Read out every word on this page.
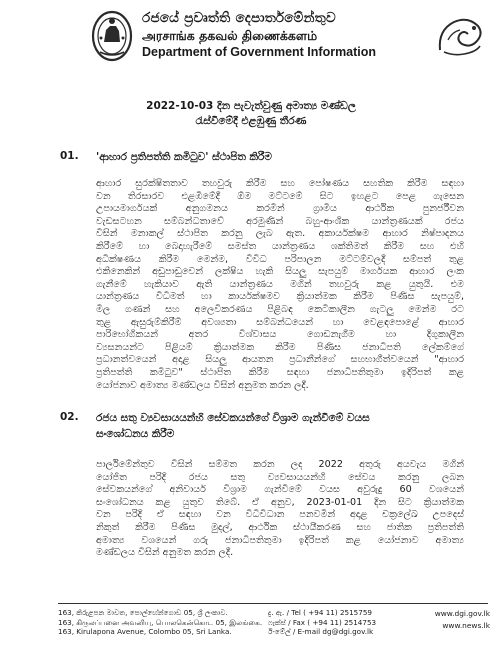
රජයේ ප්‍රවෘත්ති දෙපාර්තමේන්තුව
அரசாங்க தகவல் திணைக்களம்
Department of Government Information
2022-10-03 දින පැවැත්වුණු අමාත්‍ය මණ්ඩල
රැස්වීමේදී එළඹුණු තීරණ
01. 'ආහාර ප්‍රතිපත්ති කමිටුව' ස්ථාපිත කිරීම
ආහාර සුරක්ෂිතතාව තහවුරු කිරීම සහ පෝෂණය සහතික කිරීම සඳහා
වන තිරසාරව එළඹීමේදී ඕම මට්ටමේ සිට ඉහළට පෙළ ගැසෙන
උපායමාර්ගයක් අනුගමනය කරමින් ග්‍රාමීය ආර්ථික පුනර්ජීවන
වැඩසටහන සම්බන්ධතාවේ අරමුණින් බහු-ආංශික යාන්ත්‍රණයක් රජය
විසින් මනාකල් ස්ථාපිත කරනු ලැබ ඇත. අකාර්යක්ෂම ආහාර නිෂ්පාදනය
කිරීමේ හා බෙදාහැරීමේ සමස්ත යාන්ත්‍රණය ශක්තිමත් කිරීම සහ එහි
අධීක්ෂණය කිරීම මෙන්ම, විවිධ පරිපාලන මට්ටම්වලදී සම්පත් තුළ
එකිනෙකින් අඩුපාඩුවෙන් ලක්ෂිය හැකි සියලු සැපයුම් මාර්ගයක ආහාර ලංක
ගැනීමේ හැකියාව ඇති යාන්ත්‍රණය මගින් තහවුරු කළ යුතුයි. එම
යාන්ත්‍රණය විධිමත් හා කාර්යක්ෂමව ක්‍රියාත්මක කිරීම පිණිස සැපයුම්,
මිල ගණන් සහ අලෙවිකරණය පිළිබඳ කෙටිකාලීන ගැටලු මෙන්ම රට
තුළ ඇසුරුම්කිරීම් අවශ්‍යතා සම්බන්ධයෙන් හා වෙළඳපොළේ ආහාර
පාරිභෝගිකයන් අතර විශ්වාසය ගොඩනැගීම හා දිගුකාලීන
ව්‍යසනයන්ට පිළියම් ක්‍රියාත්මක කිරීම පිණිස ජනාධිපති ලේකම්ගේ
ප්‍රධානත්වයෙන් අදාළ සියලු ආයතන ප්‍රධානීන්ගේ සහභාගීත්වයෙන් "ආහාර
ප්‍රතිපත්ති කමිටුව" ස්ථාපිත කිරීම සඳහා ජනාධිපතිතුමා ඉදිරිපත් කළ
යෝජනාව අමාත්‍ය මණ්ඩලය විසින් අනුමත කරන ලදී.
02. රජය සතු ව්‍යවසායයන්හි සේවකයන්ගේ විශ්‍රාම ගැන්වීමේ වයස
සංශෝධනය කිරීම
පාර්ලිමේන්තුව විසින් සම්මත කරන ලද 2022 අතුරු අයවැය මගින්
යෝජිත පරිදි රජය සතු ව්‍යවසායයන්හි සේවය කරනු ලබන
සේවකයන්ගේ අනිවාර්ය විශ්‍රාම ගැන්වීමේ වයස අවුරුදු 60 වශයෙන්
සංශෝධනය කළ යුතුව තිබේ. ඒ අනුව, 2023-01-01 දින සිට ක්‍රියාත්මක
වන පරිදි ඒ සඳහා වන විධිවිධාන පනවමින් අදාළ චක්‍රලේඛ උපදෙස්
නිකුත් කිරීම පිණිස මුදල්, ආර්ථික ස්ථායීකරණ සහ ජාතික ප්‍රතිපත්ති
අමාත්‍ය වශයෙන් ගරු ජනාධිපතිතුමා ඉදිරිපත් කළ යෝජනාව අමාත්‍ය
මණ්ඩලය විසින් අනුමත කරන ලදී.
163, කිරුළපන මාවත, පොල්හේන්ගොඩ 05, ශ්‍රී ලංකාව.
163, கிருலப்பனை அவனியு, பொலகென்கொட 05, இலங்கை.
163, Kirulapona Avenue, Colombo 05, Sri Lanka.
දු. ඇ. / Tel ( +94 11) 2515759
ෆැක්ස් / Fax ( +94 11) 2514753
ඊ-මේල් / E-mail dg@dgi.gov.lk
www.dgi.gov.lk
www.news.lk
